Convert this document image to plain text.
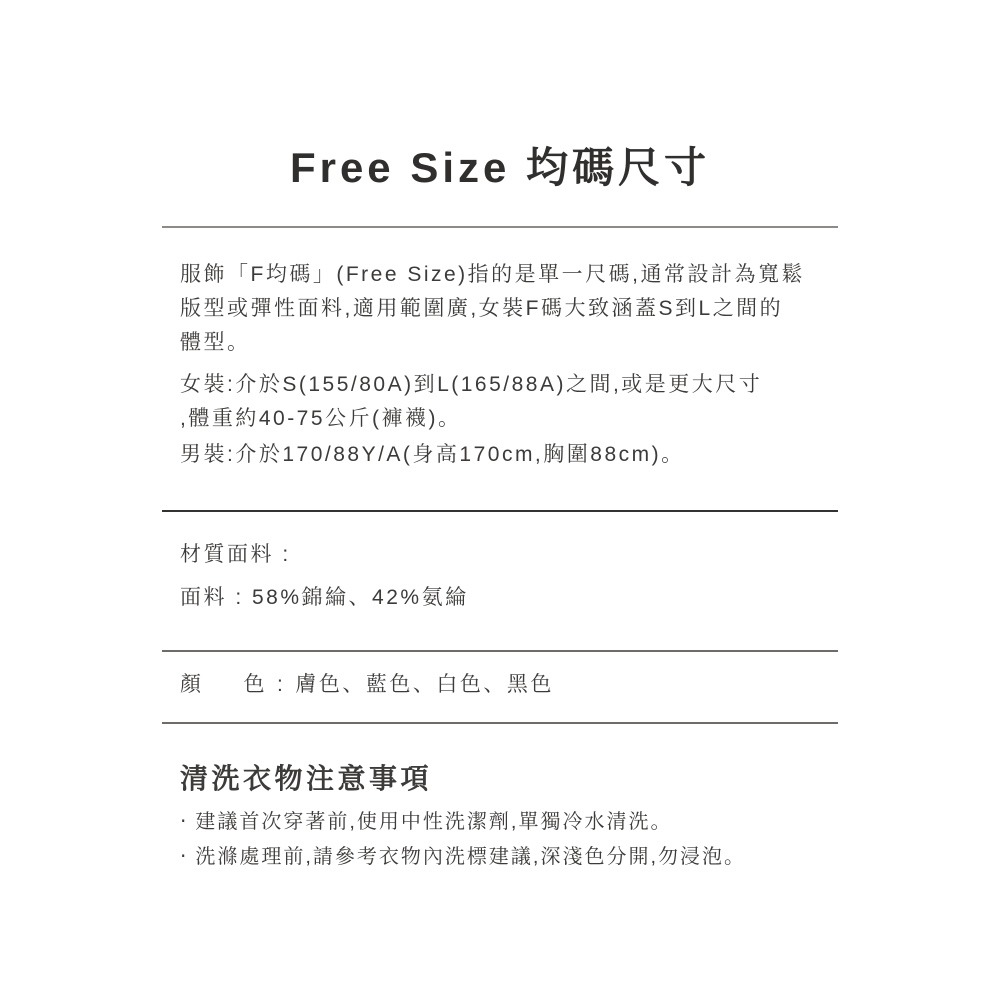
Free Size 均碼尺寸
服飾「F均碼」(Free Size)指的是單一尺碼,通常設計為寬鬆
版型或彈性面料,適用範圍廣,女裝F碼大致涵蓋S到L之間的
體型。
女裝:介於S(155/80A)到L(165/88A)之間,或是更大尺寸
,體重約40-75公斤(褲襪)。
男裝:介於170/88Y/A(身高170cm,胸圍88cm)。
材質面料 :
面料 : 58%錦綸、42%氨綸
顏 色 : 膚色、藍色、白色、黑色
清洗衣物注意事項
‧ 建議首次穿著前,使用中性洗潔劑,單獨冷水清洗。
‧ 洗滌處理前,請參考衣物內洗標建議,深淺色分開,勿浸泡。
